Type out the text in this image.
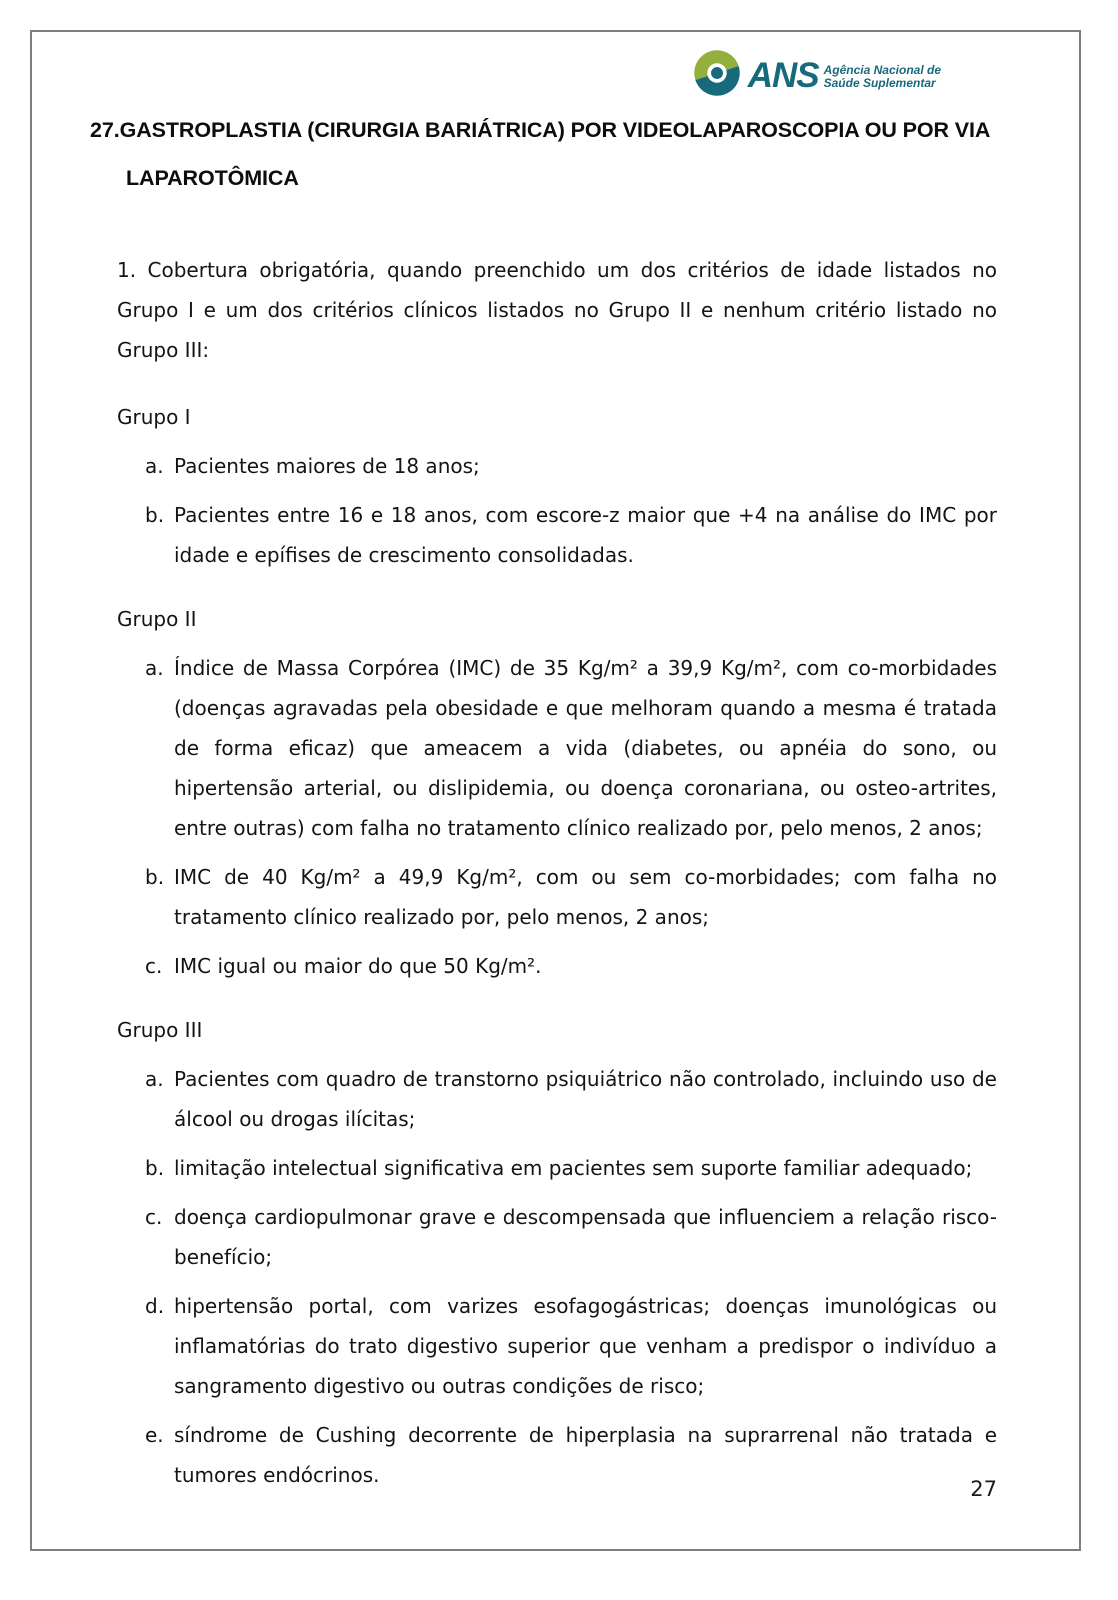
ANS Agência Nacional de
Saúde Suplementar
27.GASTROPLASTIA (CIRURGIA BARIÁTRICA) POR VIDEOLAPAROSCOPIA OU POR VIA
LAPAROTÔMICA
1. Cobertura obrigatória, quando preenchido um dos critérios de idade listados no Grupo I e um dos critérios clínicos listados no Grupo II e nenhum critério listado no Grupo III:
Grupo I
a. Pacientes maiores de 18 anos;
b. Pacientes entre 16 e 18 anos, com escore-z maior que +4 na análise do IMC por idade e epífises de crescimento consolidadas.
Grupo II
a. Índice de Massa Corpórea (IMC) de 35 Kg/m² a 39,9 Kg/m², com co-morbidades (doenças agravadas pela obesidade e que melhoram quando a mesma é tratada de forma eficaz) que ameacem a vida (diabetes, ou apnéia do sono, ou hipertensão arterial, ou dislipidemia, ou doença coronariana, ou osteo-artrites, entre outras) com falha no tratamento clínico realizado por, pelo menos, 2 anos;
b. IMC de 40 Kg/m² a 49,9 Kg/m², com ou sem co-morbidades; com falha no tratamento clínico realizado por, pelo menos, 2 anos;
c. IMC igual ou maior do que 50 Kg/m².
Grupo III
a. Pacientes com quadro de transtorno psiquiátrico não controlado, incluindo uso de álcool ou drogas ilícitas;
b. limitação intelectual significativa em pacientes sem suporte familiar adequado;
c. doença cardiopulmonar grave e descompensada que influenciem a relação risco-benefício;
d. hipertensão portal, com varizes esofagogástricas; doenças imunológicas ou inflamatórias do trato digestivo superior que venham a predispor o indivíduo a sangramento digestivo ou outras condições de risco;
e. síndrome de Cushing decorrente de hiperplasia na suprarrenal não tratada e tumores endócrinos.
27
